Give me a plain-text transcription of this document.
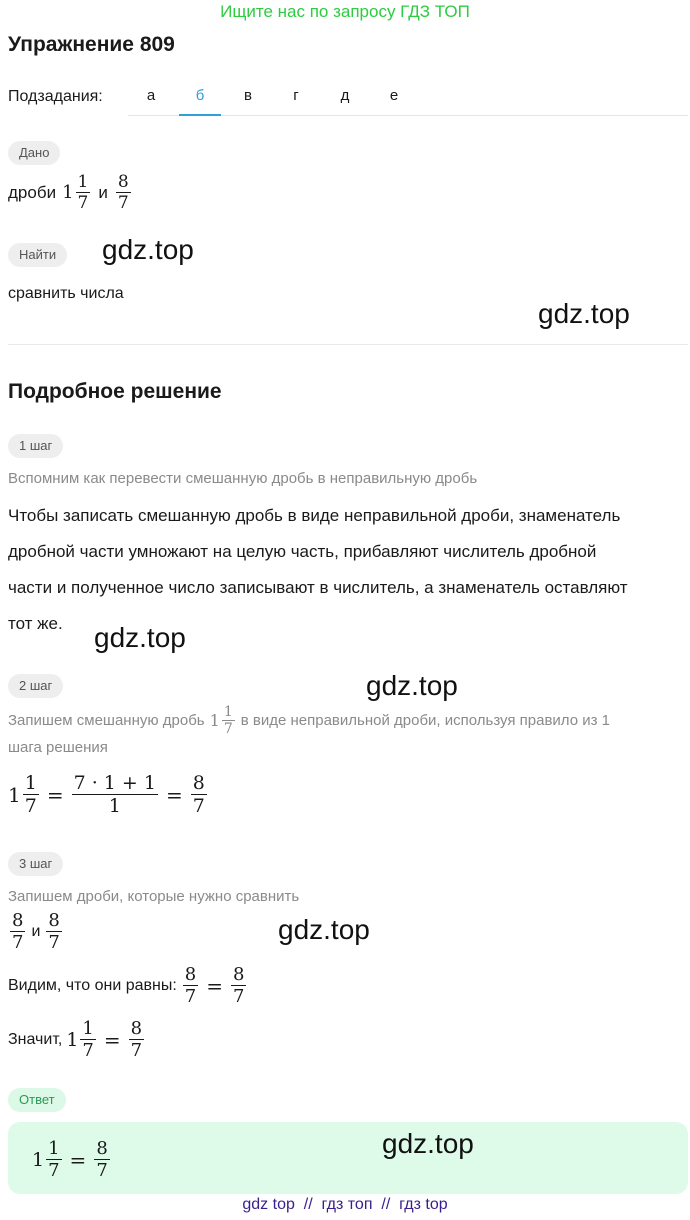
Ищите нас по запросу ГДЗ ТОП
Упражнение 809
Подзадания:	а	б	в	г	д	е
Дано
дроби $1 \frac{1}{7}$ и $\frac{8}{7}$
Найти	gdz.top
сравнить числа
gdz.top
Подробное решение
1 шаг
Вспомним как перевести смешанную дробь в неправильную дробь
Чтобы записать смешанную дробь в виде неправильной дроби, знаменатель
дробной части умножают на целую часть, прибавляют числитель дробной
части и полученное число записывают в числитель, а знаменатель оставляют
тот же.	gdz.top
2 шаг	gdz.top
Запишем смешанную дробь $1 \frac{1}{7}$ в виде неправильной дроби, используя правило из 1
шага решения
$1 \frac{1}{7} = \frac{7 \cdot 1 + 1}{1} = \frac{8}{7}$
3 шаг
Запишем дроби, которые нужно сравнить
$\frac{8}{7}$ и $\frac{8}{7}$	gdz.top
Видим, что они равны: $\frac{8}{7} = \frac{8}{7}$
Значит, $1 \frac{1}{7} = \frac{8}{7}$
Ответ
$1 \frac{1}{7} = \frac{8}{7}$	gdz.top
gdz top  //  гдз топ  //  гдз top
